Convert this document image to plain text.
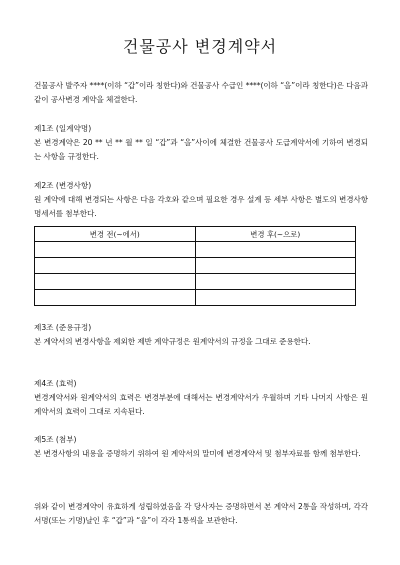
건물공사 변경계약서
건물공사 발주자 ****(이하 “갑”이라 칭한다)와 건물공사 수급인 ****(이하 “을”이라 칭한다)은 다음과 같이 공사변경 계약을 체결한다.
제1조 (일계약명)
본 변경계약은 20 ** 년 ** 월 ** 일 “갑”과 “을”사이에 체결한 건물공사 도급계약서에 기하여 변경되는 사항을 규정한다.
제2조 (변경사항)
원 계약에 대해 변경되는 사항은 다음 각호와 같으며 필요한 경우 설계 등 세부 사항은 별도의 변경사항 명세서를 첨부한다.
변경 전(~에서)	변경 후(~으로)

제3조 (준용규정)
본 계약서의 변경사항을 제외한 제반 계약규정은 원계약서의 규정을 그대로 준용한다.
제4조 (효력)
변경계약서와 원계약서의 효력은 변경부분에 대해서는 변경계약서가 우월하며 기타 나머지 사항은 원계약서의 효력이 그대로 지속된다.
제5조 (첨부)
본 변경사항의 내용을 증명하기 위하여 원 계약서의 말미에 변경계약서 및 첨부자료를 함께 첨부한다.
위와 같이 변경계약이 유효하게 성립하였음을 각 당사자는 증명하면서 본 계약서 2통을 작성하며, 각각 서명(또는 기명)날인 후 “갑”과 “을”이 각각 1통씩을 보관한다.
